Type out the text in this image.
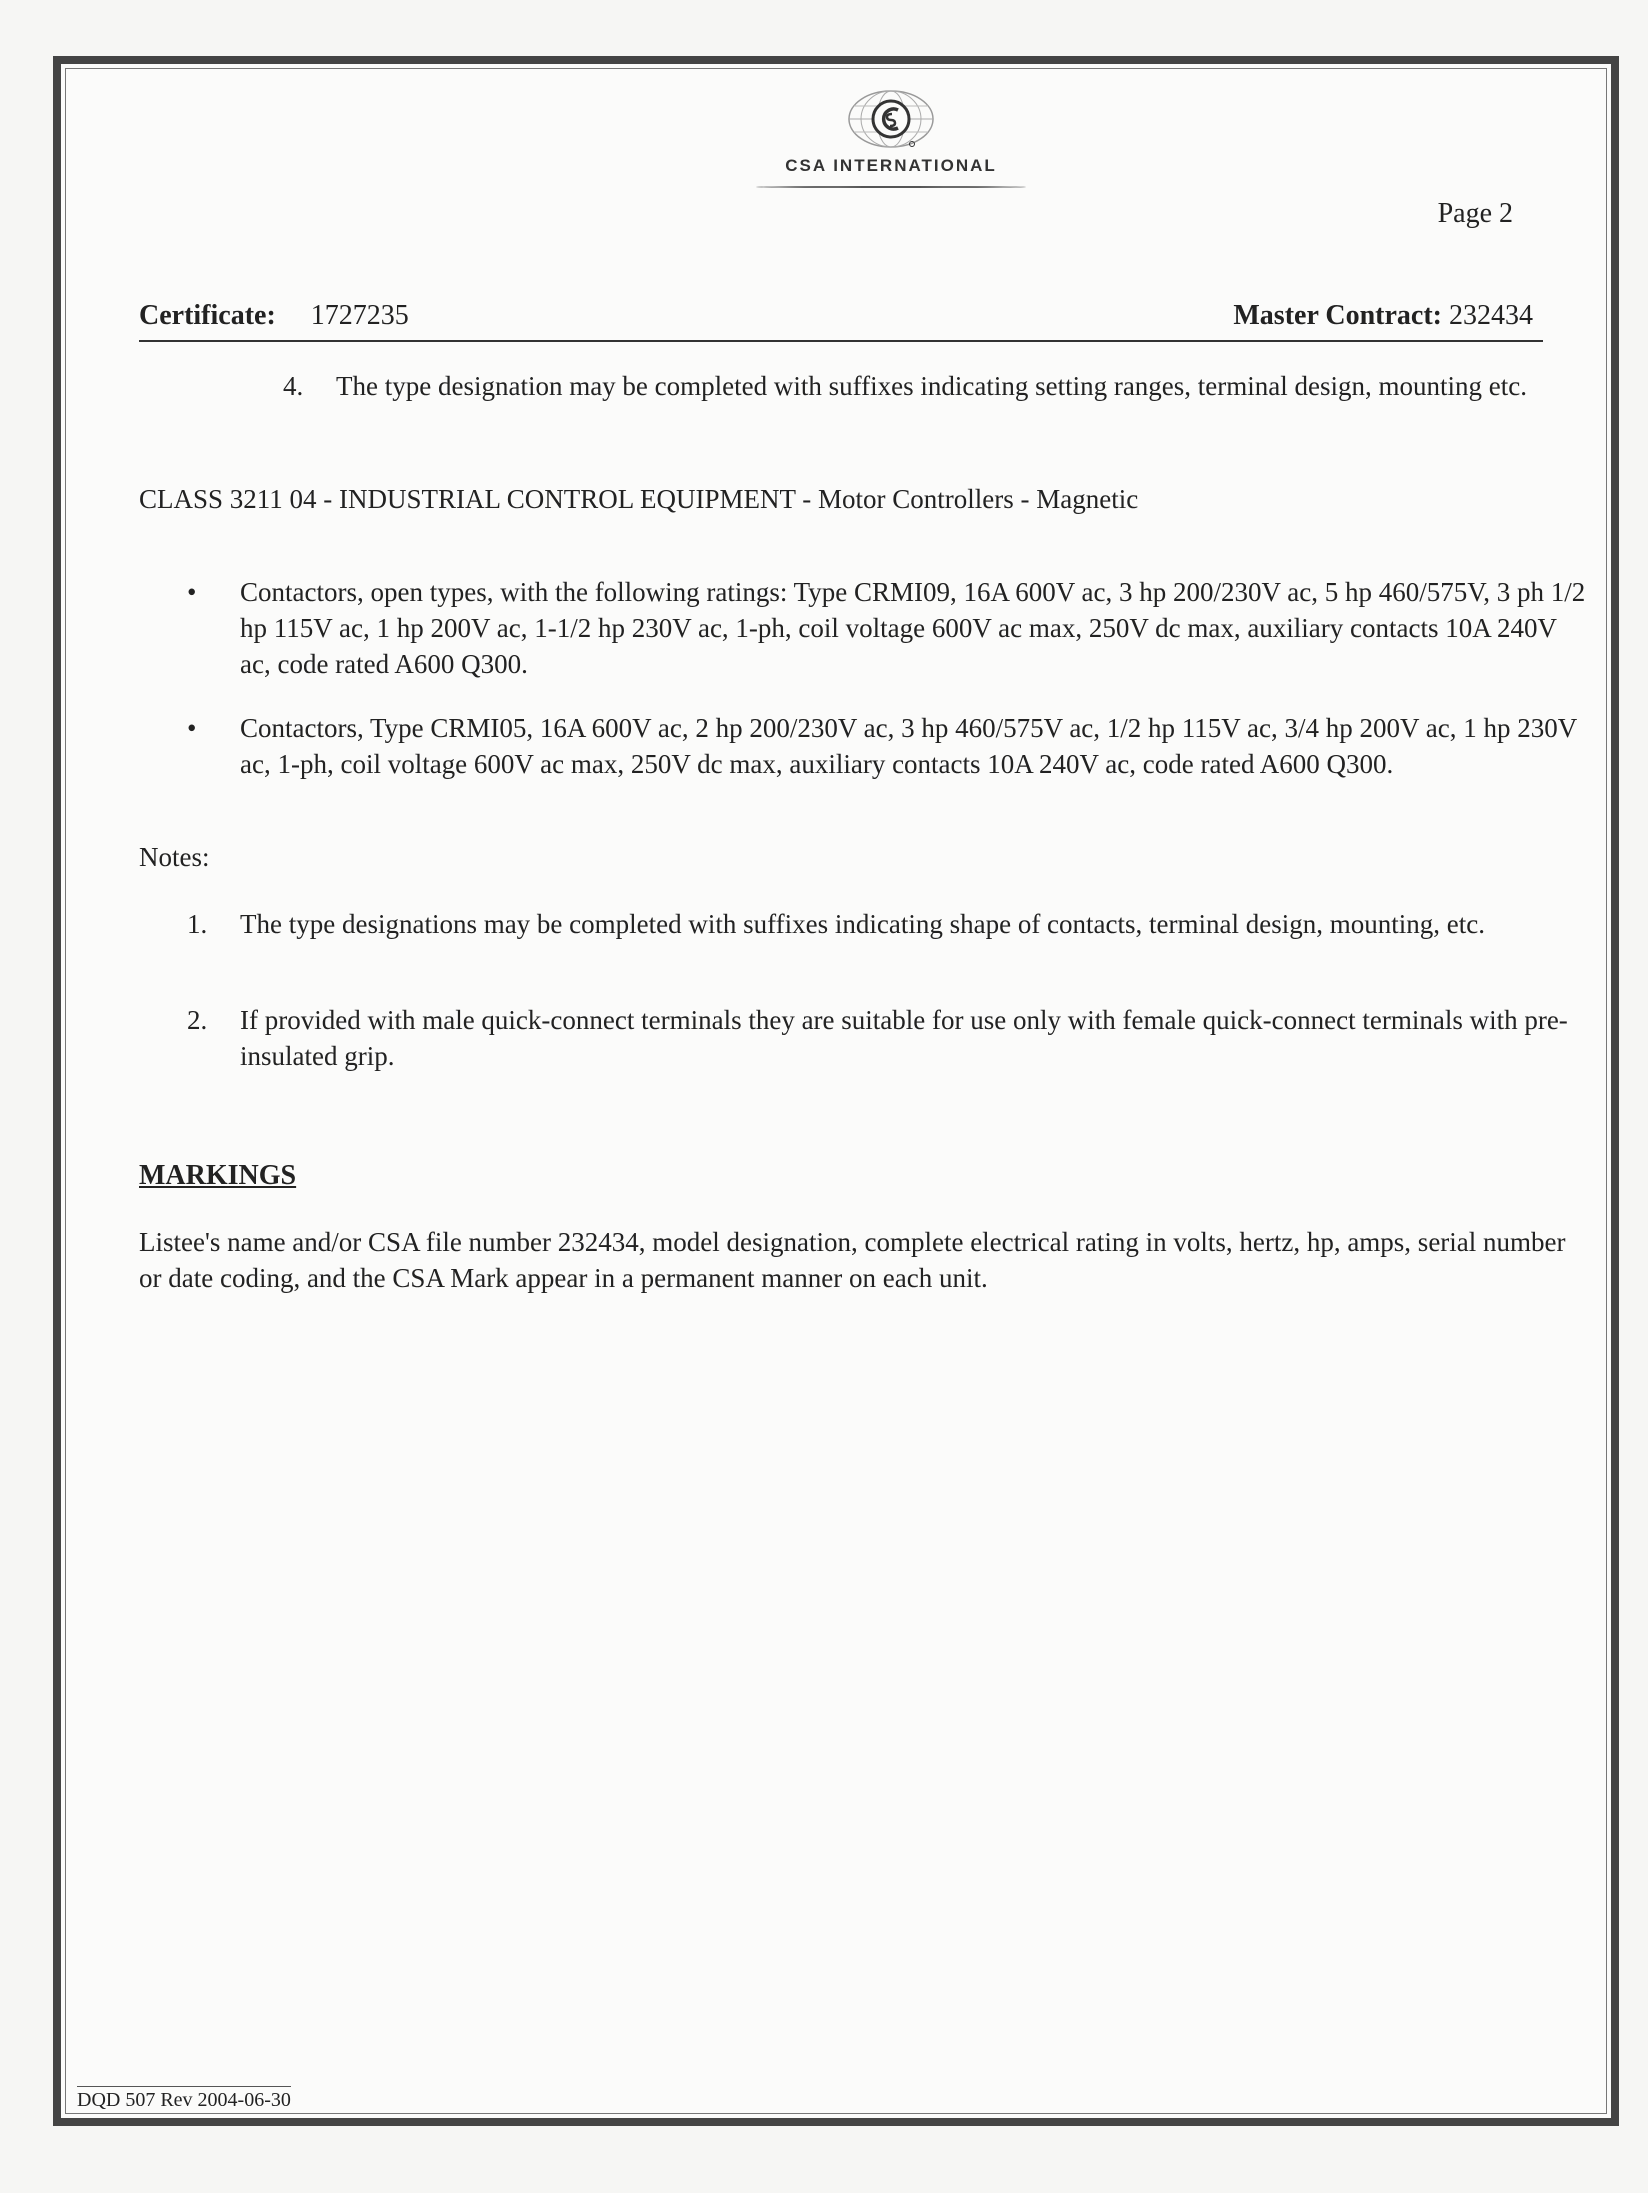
CSA INTERNATIONAL
Page 2
Certificate: 1727235	Master Contract: 232434
4. The type designation may be completed with suffixes indicating setting ranges, terminal design, mounting etc.
CLASS 3211 04 - INDUSTRIAL CONTROL EQUIPMENT - Motor Controllers - Magnetic
• Contactors, open types, with the following ratings: Type CRMI09, 16A 600V ac, 3 hp 200/230V ac, 5 hp 460/575V, 3 ph 1/2 hp 115V ac, 1 hp 200V ac, 1-1/2 hp 230V ac, 1-ph, coil voltage 600V ac max, 250V dc max, auxiliary contacts 10A 240V ac, code rated A600 Q300.
• Contactors, Type CRMI05, 16A 600V ac, 2 hp 200/230V ac, 3 hp 460/575V ac, 1/2 hp 115V ac, 3/4 hp 200V ac, 1 hp 230V ac, 1-ph, coil voltage 600V ac max, 250V dc max, auxiliary contacts 10A 240V ac, code rated A600 Q300.
Notes:
1. The type designations may be completed with suffixes indicating shape of contacts, terminal design, mounting, etc.
2. If provided with male quick-connect terminals they are suitable for use only with female quick-connect terminals with pre-insulated grip.
MARKINGS
Listee's name and/or CSA file number 232434, model designation, complete electrical rating in volts, hertz, hp, amps, serial number or date coding, and the CSA Mark appear in a permanent manner on each unit.
DQD 507 Rev 2004-06-30
